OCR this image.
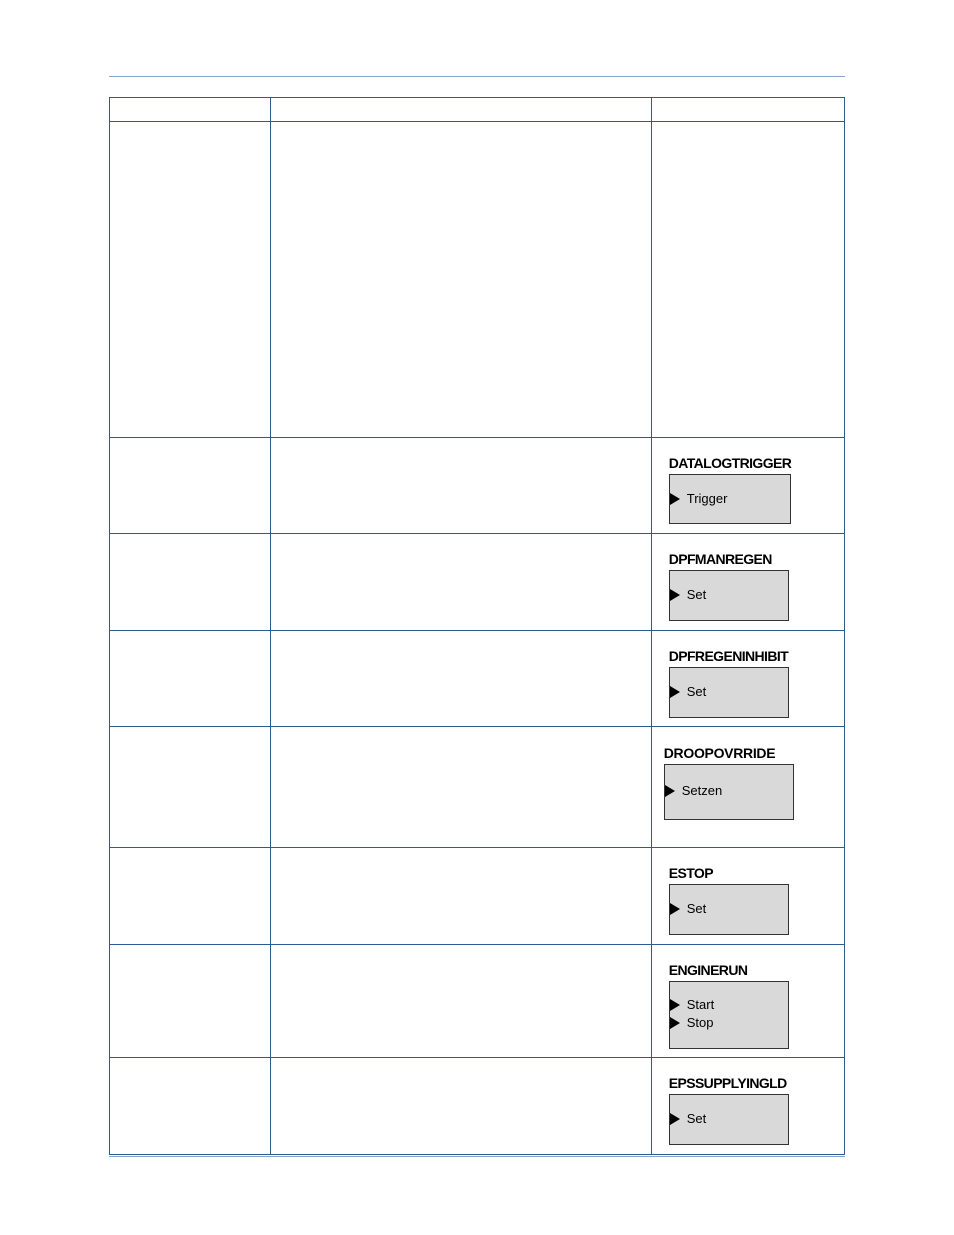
		DATALOGTRIGGER
Trigger

		DPFMANREGEN
Set

		DPFREGENINHIBIT
Set

		DROOPOVRRIDE
Setzen

		ESTOP
Set

		ENGINERUN
Start
Stop

		EPSSUPPLYINGLD
Set
